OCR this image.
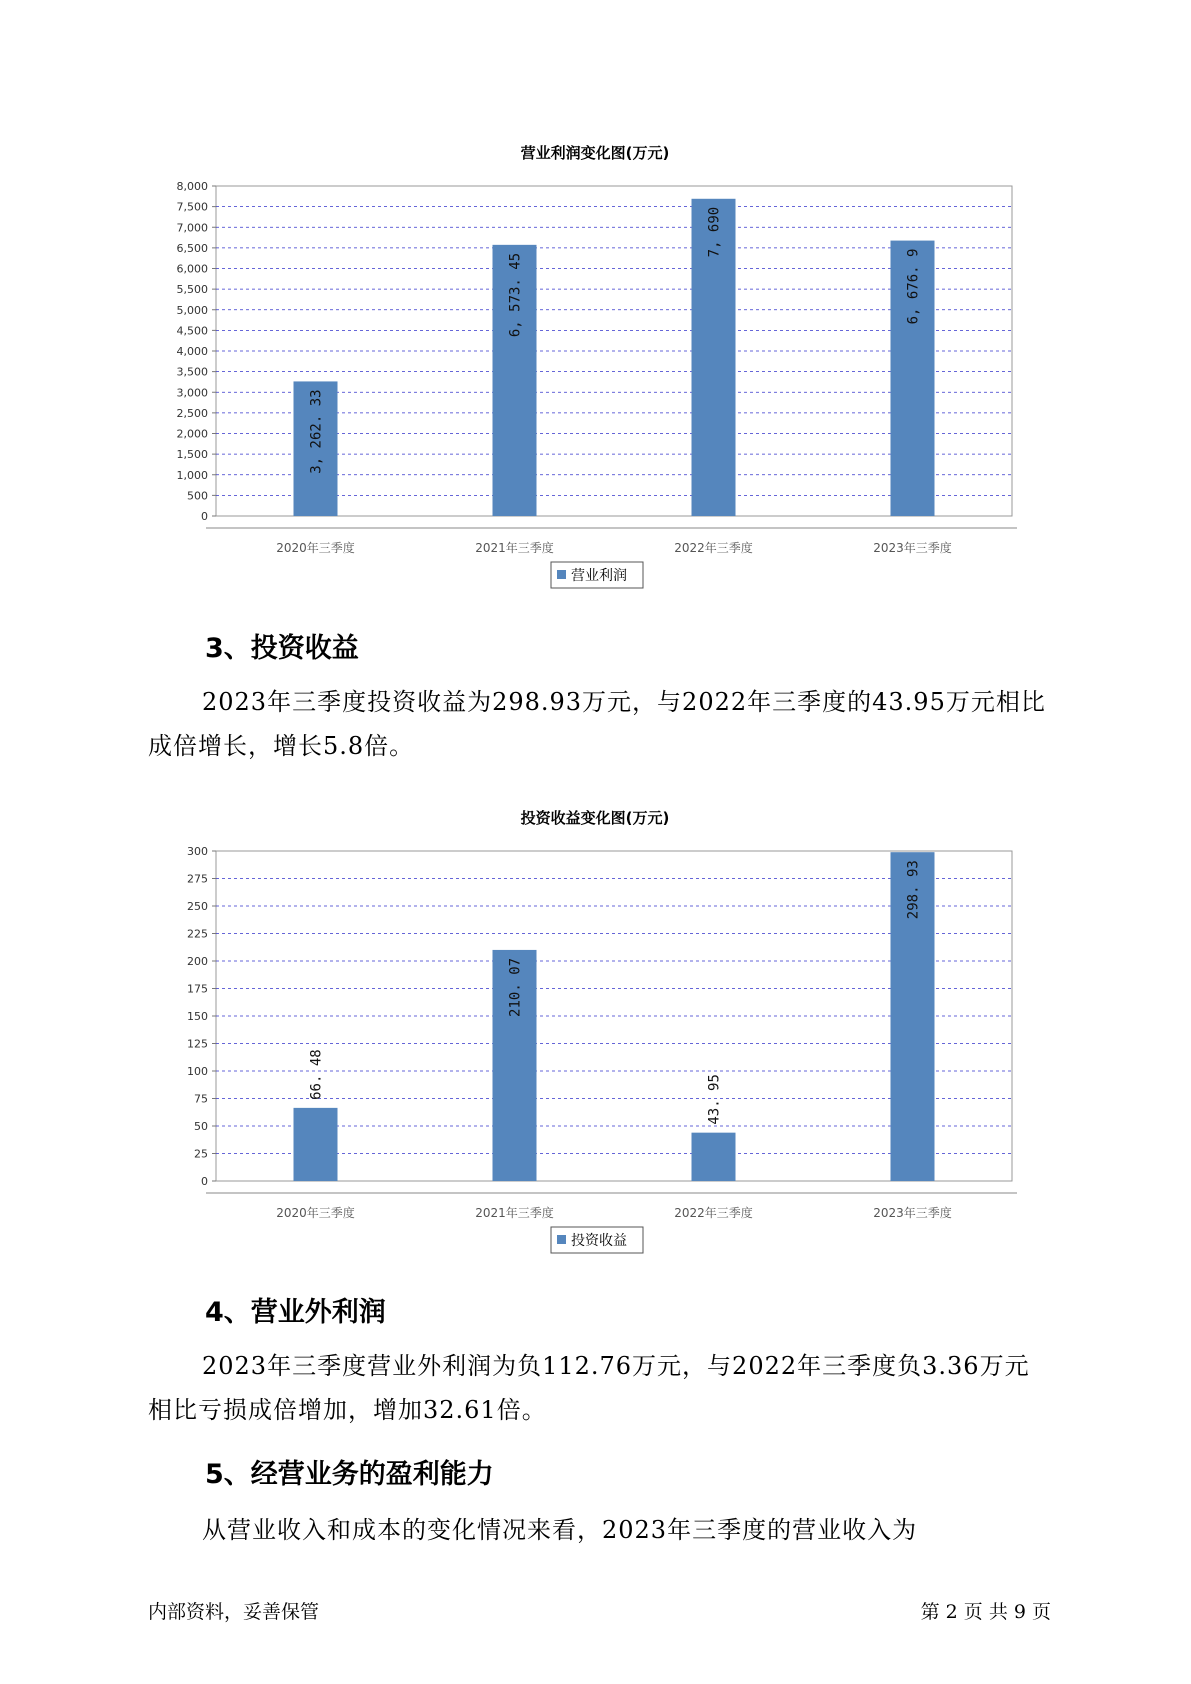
营业利润变化图(万元)
0
500
1,000
1,500
2,000
2,500
3,000
3,500
4,000
4,500
5,000
5,500
6,000
6,500
7,000
7,500
8,000
3, 262. 33
2020年三季度
6, 573. 45
2021年三季度
7, 690
2022年三季度
6, 676. 9
2023年三季度
营业利润
3、投资收益

2023年三季度投资收益为298.93万元，与2022年三季度的43.95万元相比成倍增长，增长5.8倍。

投资收益变化图(万元)
0
25
50
75
100
125
150
175
200
225
250
275
300
66. 48
2020年三季度
210. 07
2021年三季度
43. 95
2022年三季度
298. 93
2023年三季度
投资收益
4、营业外利润

2023年三季度营业外利润为负112.76万元，与2022年三季度负3.36万元相比亏损成倍增加，增加32.61倍。

5、经营业务的盈利能力

从营业收入和成本的变化情况来看，2023年三季度的营业收入为

内部资料，妥善保管	第 2 页 共 9 页
